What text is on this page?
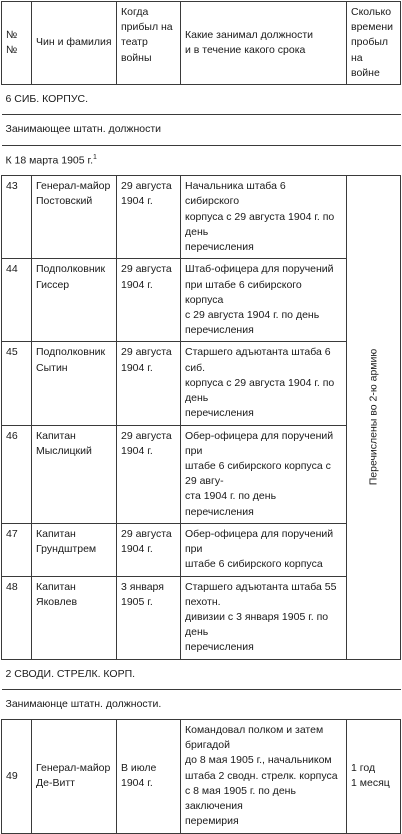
№№	Чин и фамилия	Когда
прибыл на
театр войны	Какие занимал должности
и в течение какого срока	Сколько
времени
пробыл на
войне
6 СИБ. КОРПУС.				
Занимающее штатн. должности				
К 18 марта 1905 г.$^1$
43	Генерал-майор
Постовский	29 августа
1904 г.	Начальника штаба 6 сибирского
корпуса с 29 августа 1904 г. по день
перечисления	Перечислены во 2-ю армию

44	Подполковник
Гиссер	29 августа
1904 г.	Штаб-офицера для поручений
при штабе 6 сибирского корпуса
с 29 августа 1904 г. по день
перечисления	
45	Подполковник
Сытин	29 августа
1904 г.	Старшего адъютанта штаба 6 сиб.
корпуса с 29 августа 1904 г. по день
перечисления	
46	Капитан
Мыслицкий	29 августа
1904 г.	Обер-офицера для поручений при
штабе 6 сибирского корпуса с 29 авгу-
ста 1904 г. по день перечисления	
47	Капитан
Грундштрем	29 августа
1904 г.	Обер-офицера для поручений при
штабе 6 сибирского корпуса	
48	Капитан Яковлев	3 января
1905 г.	Старшего адъютанта штаба 55 пехотн.
дивизии с 3 января 1905 г. по день
перечисления	
2 СВОДИ. СТРЕЛК. КОРП.				
Занимаюнце штатн. должности.				
49	Генерал-майор
Де-Витт	В июле
1904 г.	Командовал полком и затем бригадой
до 8 мая 1905 г., начальником
штаба 2 сводн. стрелк. корпуса
с 8 мая 1905 г. по день заключения
перемирия	1 год
1 месяц
